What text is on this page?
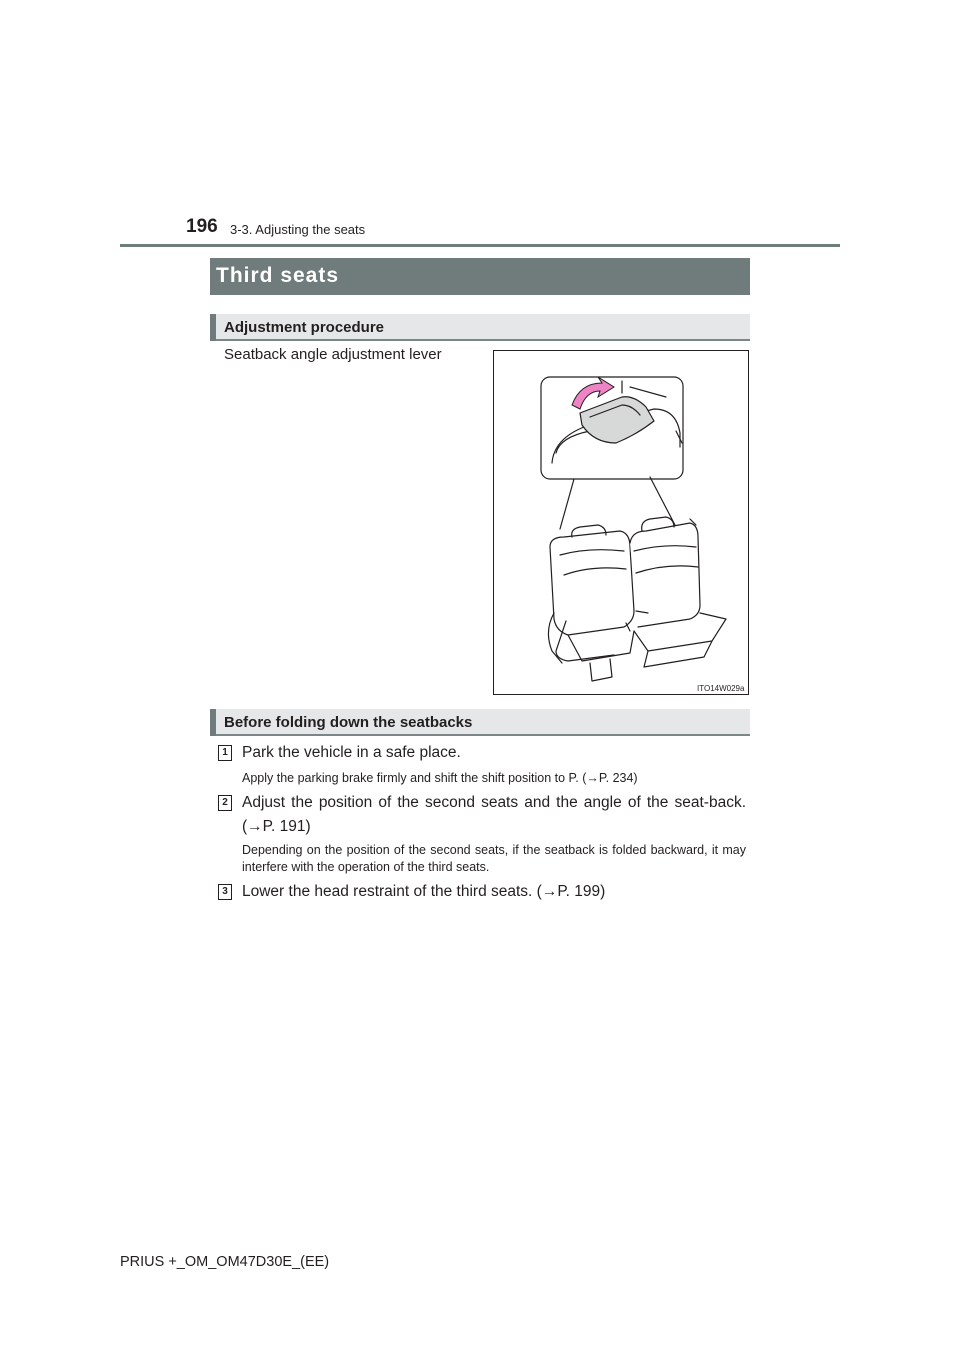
196 3-3. Adjusting the seats
Third seats
Adjustment procedure
Seatback angle adjustment lever
ITO14W029a
Before folding down the seatbacks
1 Park the vehicle in a safe place.
Apply the parking brake firmly and shift the shift position to P. (→P. 234)
2 Adjust the position of the second seats and the angle of the seat-back. (→P. 191)
Depending on the position of the second seats, if the seatback is folded backward, it may interfere with the operation of the third seats.
3 Lower the head restraint of the third seats. (→P. 199)
PRIUS +_OM_OM47D30E_(EE)
